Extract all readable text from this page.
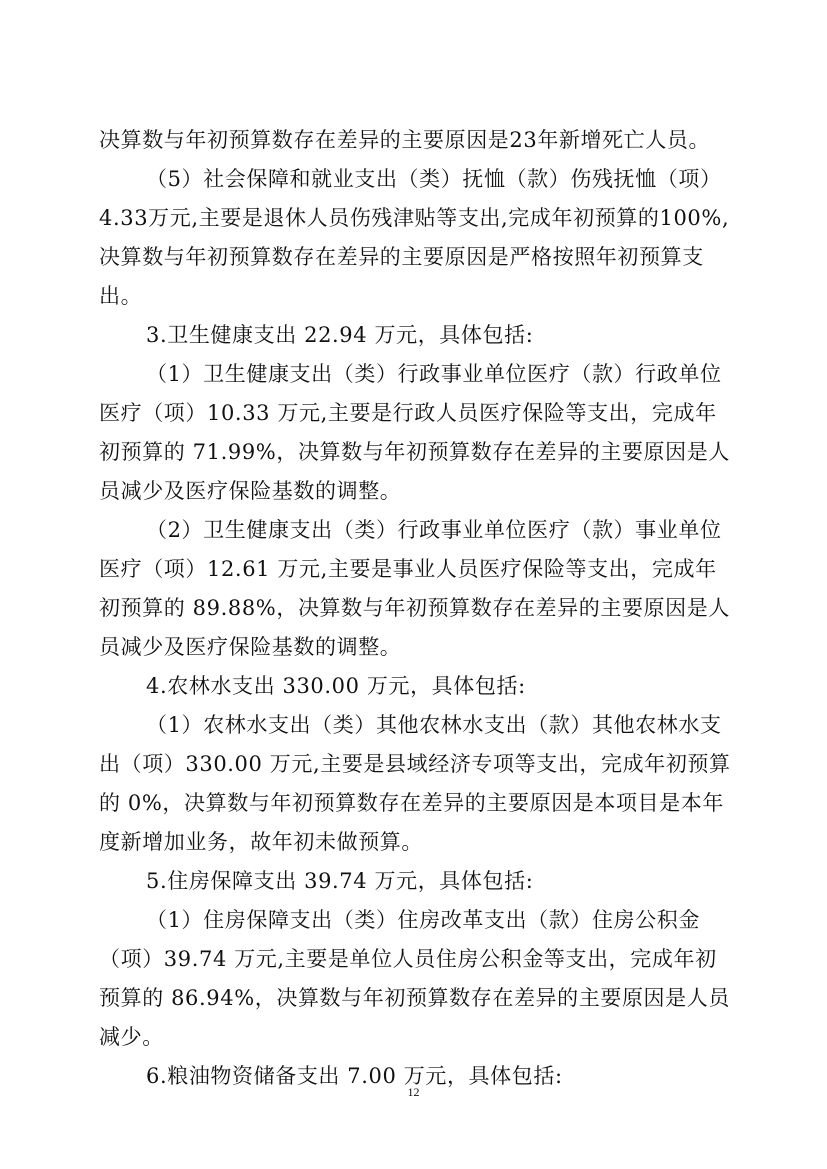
决算数与年初预算数存在差异的主要原因是23年新增死亡人员。
（5）社会保障和就业支出（类）抚恤（款）伤残抚恤（项）
4.33万元,主要是退休人员伤残津贴等支出,完成年初预算的100%,
决算数与年初预算数存在差异的主要原因是严格按照年初预算支
出。
3.卫生健康支出 22.94 万元，具体包括:
（1）卫生健康支出（类）行政事业单位医疗（款）行政单位
医疗（项）10.33 万元,主要是行政人员医疗保险等支出，完成年
初预算的 71.99%，决算数与年初预算数存在差异的主要原因是人
员减少及医疗保险基数的调整。
（2）卫生健康支出（类）行政事业单位医疗（款）事业单位
医疗（项）12.61 万元,主要是事业人员医疗保险等支出，完成年
初预算的 89.88%，决算数与年初预算数存在差异的主要原因是人
员减少及医疗保险基数的调整。
4.农林水支出 330.00 万元，具体包括:
（1）农林水支出（类）其他农林水支出（款）其他农林水支
出（项）330.00 万元,主要是县域经济专项等支出，完成年初预算
的 0%，决算数与年初预算数存在差异的主要原因是本项目是本年
度新增加业务，故年初未做预算。
5.住房保障支出 39.74 万元，具体包括:
（1）住房保障支出（类）住房改革支出（款）住房公积金
（项）39.74 万元,主要是单位人员住房公积金等支出，完成年初
预算的 86.94%，决算数与年初预算数存在差异的主要原因是人员
减少。
6.粮油物资储备支出 7.00 万元，具体包括:
12
